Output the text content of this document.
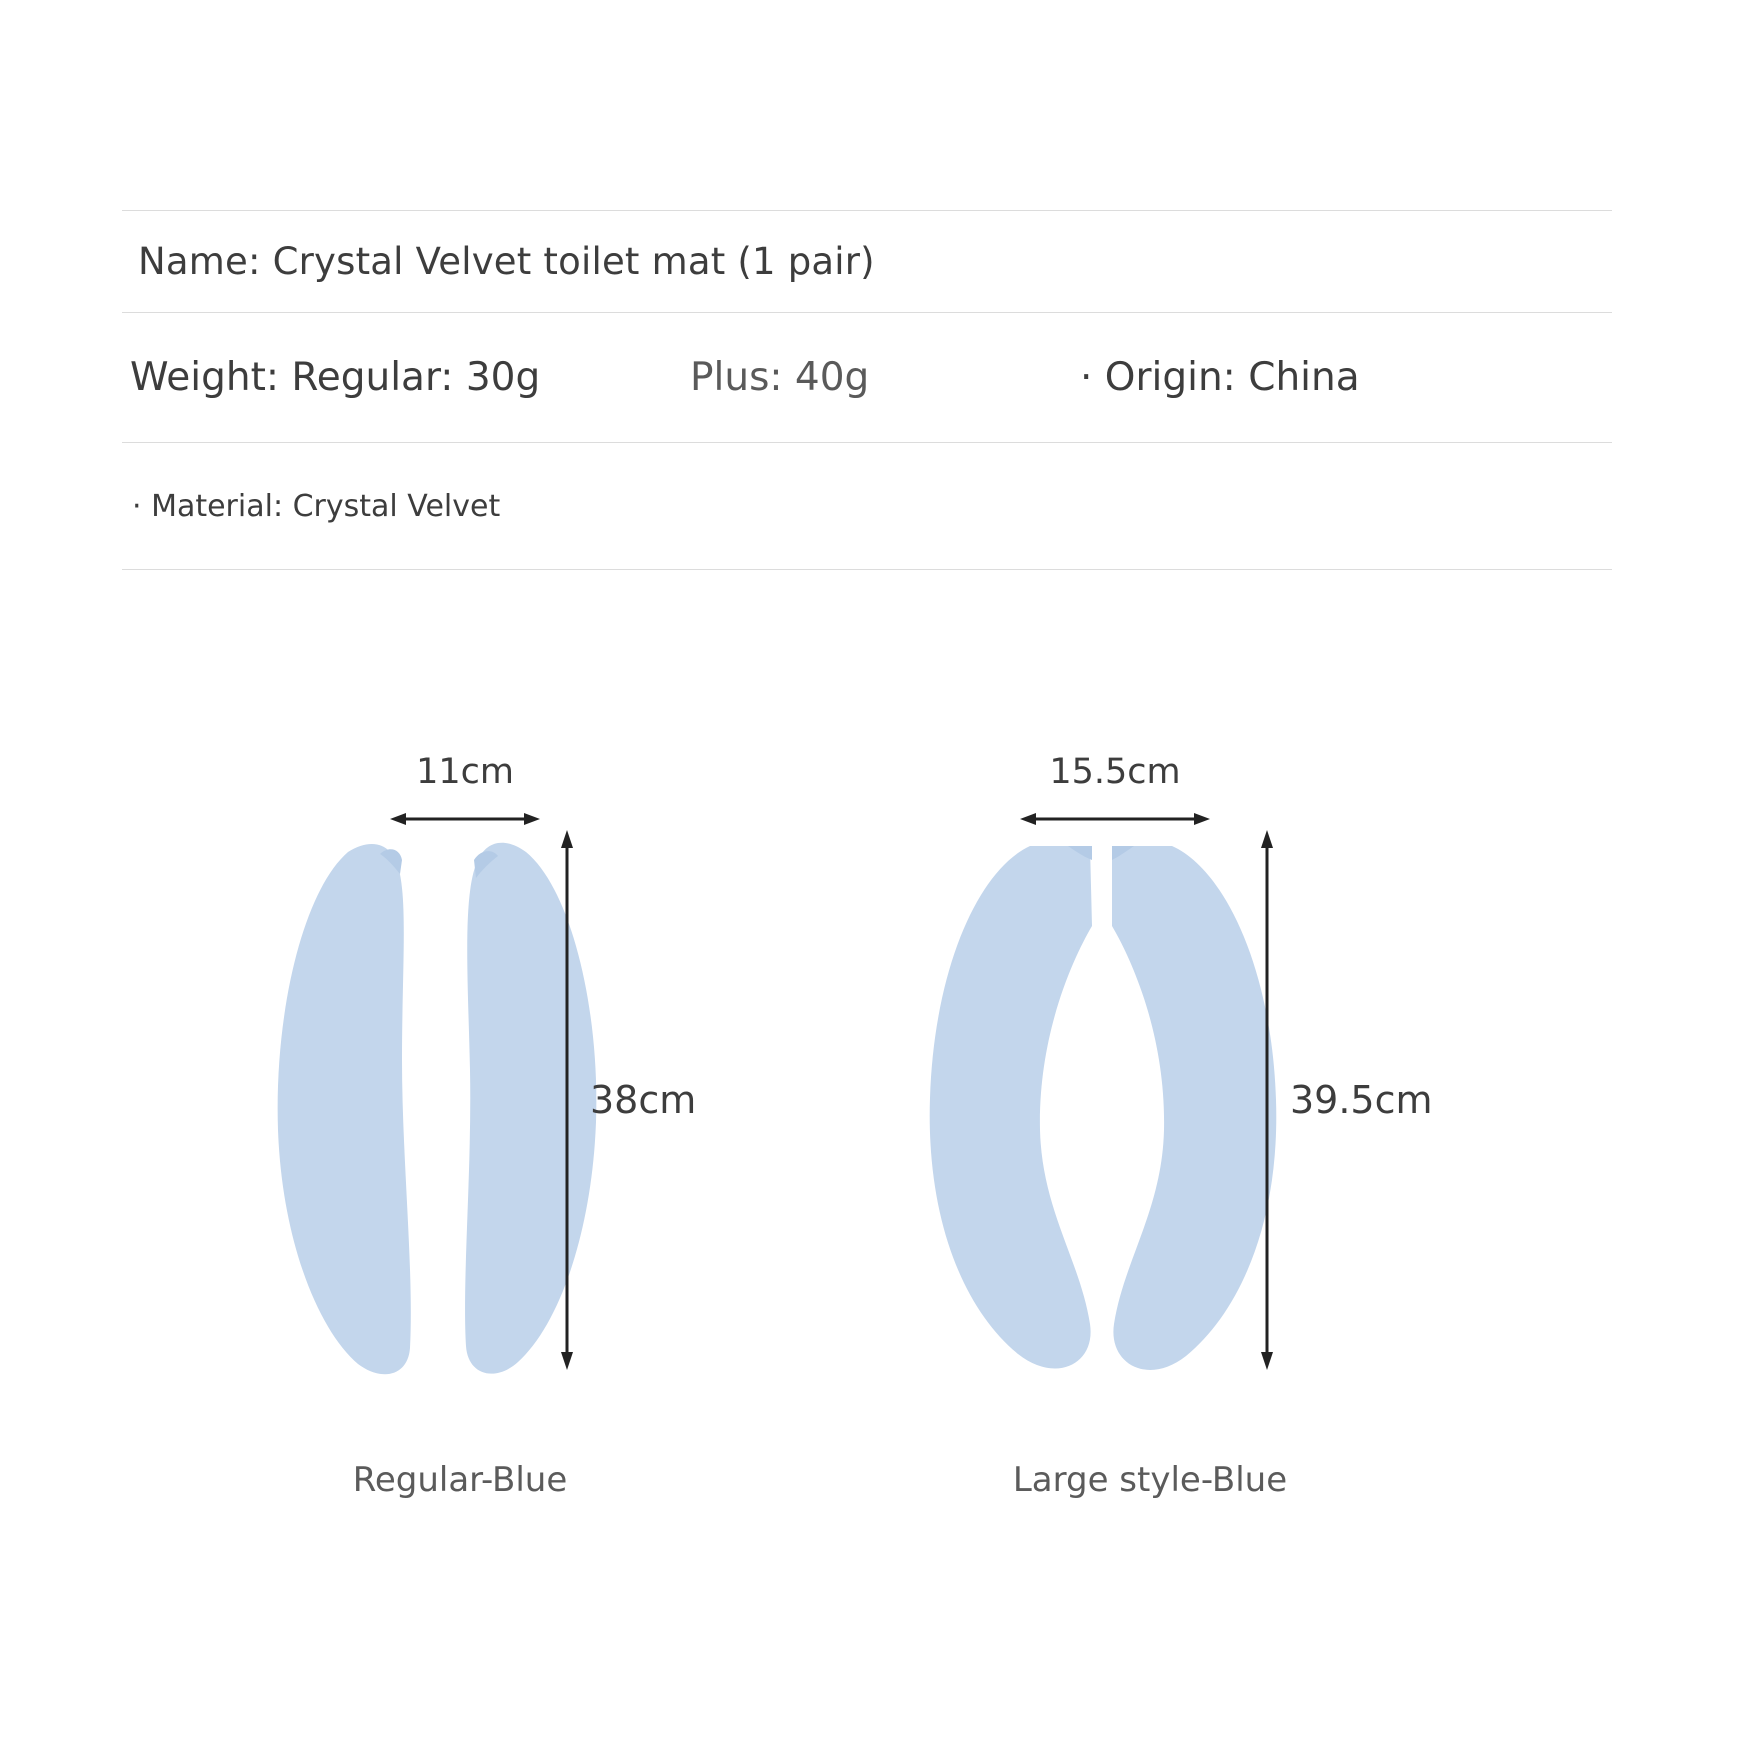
Name: Crystal Velvet toilet mat (1 pair)
Weight: Regular: 30g	Plus: 40g	· Origin: China
· Material: Crystal Velvet
11cm
38cm
Regular-Blue
15.5cm
39.5cm
Large style-Blue
